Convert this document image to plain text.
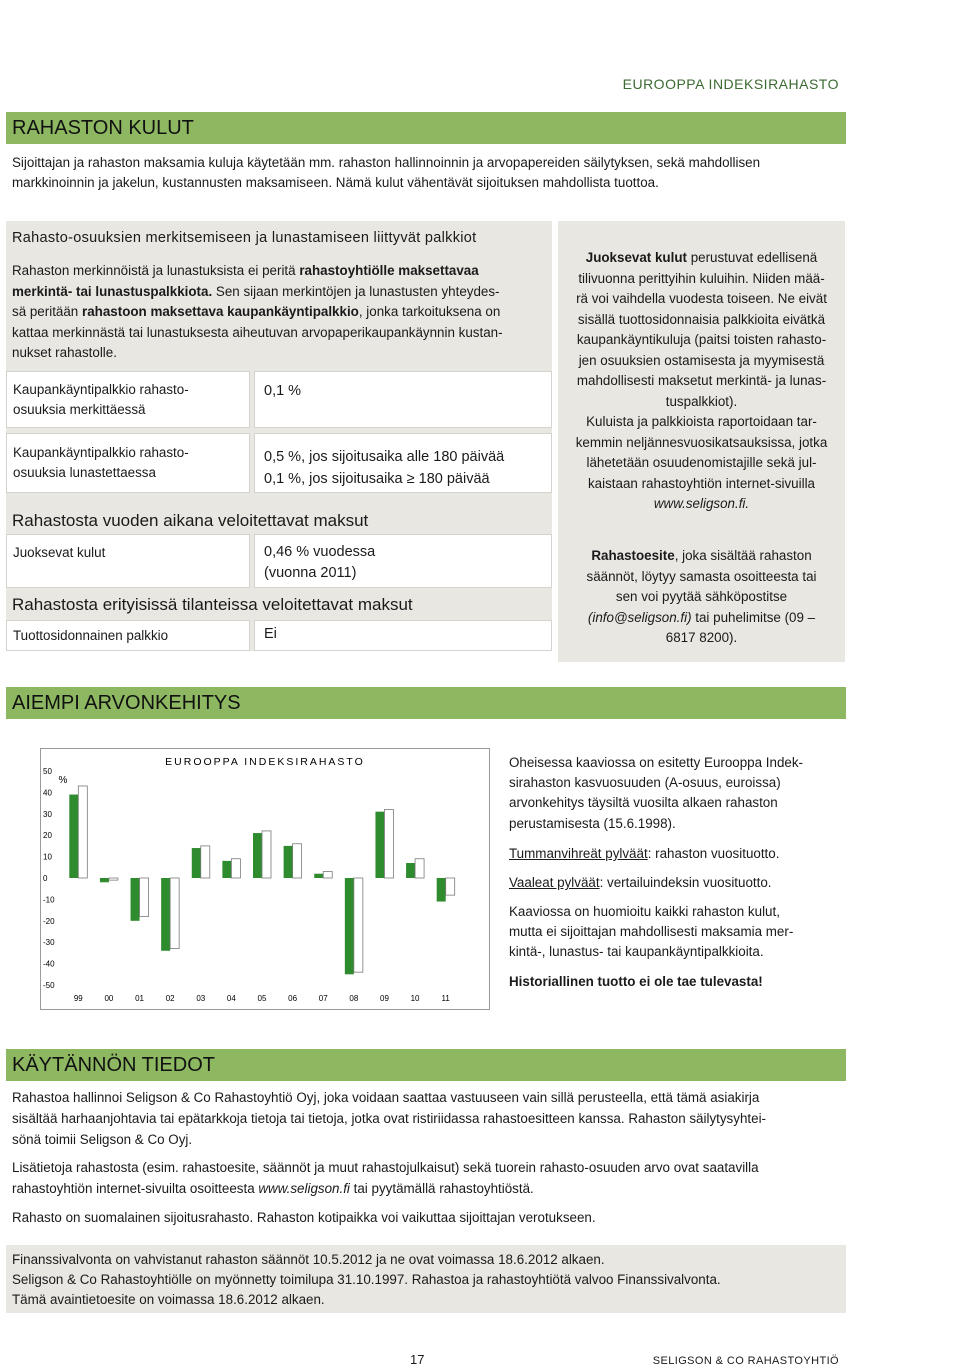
EUROOPPA INDEKSIRAHASTO
RAHASTON KULUT
Sijoittajan ja rahaston maksamia kuluja käytetään mm. rahaston hallinnoinnin ja arvopapereiden säilytyksen, sekä mahdollisen
markkinoinnin ja jakelun, kustannusten maksamiseen. Nämä kulut vähentävät sijoituksen mahdollista tuottoa.
Rahasto-osuuksien merkitsemiseen ja lunastamiseen liittyvät palkkiot
Rahaston merkinnöistä ja lunastuksista ei peritä rahastoyhtiölle maksettavaa
merkintä- tai lunastuspalkkiota. Sen sijaan merkintöjen ja lunastusten yhteydes-
sä peritään rahastoon maksettava kaupankäyntipalkkio, jonka tarkoituksena on
kattaa merkinnästä tai lunastuksesta aiheutuvan arvopaperikaupankäynnin kustan-
nukset rahastolle.
Kaupankäyntipalkkio rahasto-
osuuksia merkittäessä
0,1 %
Kaupankäyntipalkkio rahasto-
osuuksia lunastettaessa
0,5 %, jos sijoitusaika alle 180 päivää
0,1 %, jos sijoitusaika ≥ 180 päivää
Rahastosta vuoden aikana veloitettavat maksut
Juoksevat kulut	0,46 % vuodessa
(vuonna 2011)
Rahastosta erityisissä tilanteissa veloitettavat maksut
Tuottosidonnainen palkkio	Ei
Juoksevat kulut perustuvat edellisenä
tilivuonna perittyihin kuluihin. Niiden mää-
rä voi vaihdella vuodesta toiseen. Ne eivät
sisällä tuottosidonnaisia palkkioita eivätkä
kaupankäyntikuluja (paitsi toisten rahasto-
jen osuuksien ostamisesta ja myymisestä
mahdollisesti maksetut merkintä- ja lunas-
tuspalkkiot).
Kuluista ja palkkioista raportoidaan tar-
kemmin neljännesvuosikatsauksissa, jotka
lähetetään osuudenomistajille sekä jul-
kaistaan rahastoyhtiön internet-sivuilla
www.seligson.fi.
Rahastoesite, joka sisältää rahaston
säännöt, löytyy samasta osoitteesta tai
sen voi pyytää sähköpostitse
(info@seligson.fi) tai puhelimitse (09 –
6817 8200).
AIEMPI ARVONKEHITYS
EUROOPPA INDEKSIRAHASTO
%
50
40
30
20
10
0
-10
-20
-30
-40
-50
99	00	01	02	03	04	05	06	07	08	09	10	11
Oheisessa kaaviossa on esitetty Eurooppa Indek-
sirahaston kasvuosuuden (A-osuus, euroissa)
arvonkehitys täysiltä vuosilta alkaen rahaston
perustamisesta (15.6.1998).
Tummanvihreät pylväät: rahaston vuosituotto.
Vaaleat pylväät: vertailuindeksin vuosituotto.
Kaaviossa on huomioitu kaikki rahaston kulut,
mutta ei sijoittajan mahdollisesti maksamia mer-
kintä-, lunastus- tai kaupankäyntipalkkioita.
Historiallinen tuotto ei ole tae tulevasta!
KÄYTÄNNÖN TIEDOT
Rahastoa hallinnoi Seligson & Co Rahastoyhtiö Oyj, joka voidaan saattaa vastuuseen vain sillä perusteella, että tämä asiakirja
sisältää harhaanjohtavia tai epätarkkoja tietoja tai tietoja, jotka ovat ristiriidassa rahastoesitteen kanssa. Rahaston säilytysyhtei-
sönä toimii Seligson & Co Oyj.
Lisätietoja rahastosta (esim. rahastoesite, säännöt ja muut rahastojulkaisut) sekä tuorein rahasto-osuuden arvo ovat saatavilla
rahastoyhtiön internet-sivuilta osoitteesta www.seligson.fi tai pyytämällä rahastoyhtiöstä.
Rahasto on suomalainen sijoitusrahasto. Rahaston kotipaikka voi vaikuttaa sijoittajan verotukseen.
Finanssivalvonta on vahvistanut rahaston säännöt 10.5.2012 ja ne ovat voimassa 18.6.2012 alkaen.
Seligson & Co Rahastoyhtiölle on myönnetty toimilupa 31.10.1997. Rahastoa ja rahastoyhtiötä valvoo Finanssivalvonta.
Tämä avaintietoesite on voimassa 18.6.2012 alkaen.
17	SELIGSON & CO RAHASTOYHTIÖ
